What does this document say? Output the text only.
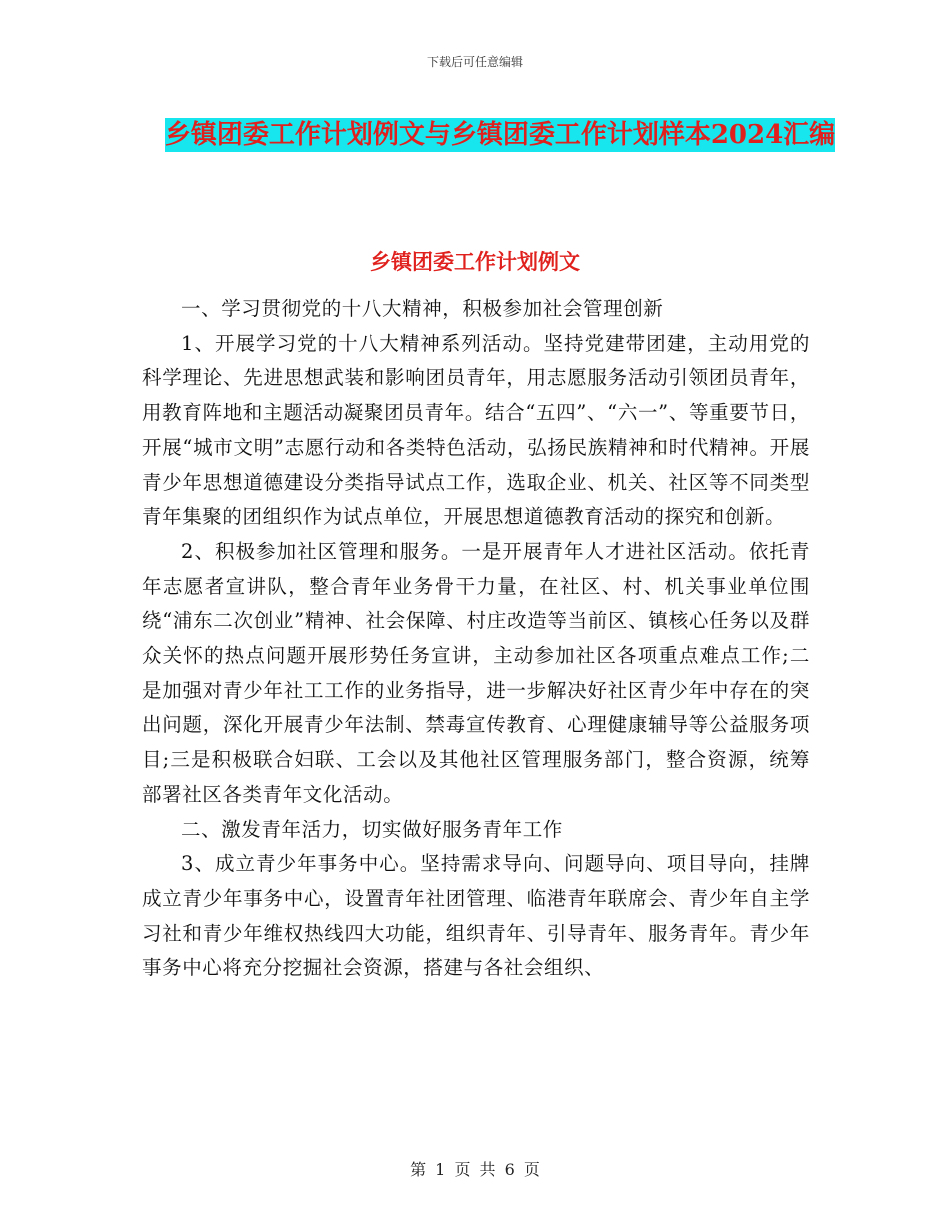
下载后可任意编辑
乡镇团委工作计划例文与乡镇团委工作计划样本2024汇编
乡镇团委工作计划例文

一、学习贯彻党的十八大精神，积极参加社会管理创新

1、开展学习党的十八大精神系列活动。坚持党建带团建，主动用党的科学理论、先进思想武装和影响团员青年，用志愿服务活动引领团员青年，用教育阵地和主题活动凝聚团员青年。结合“五四”、“六一”、等重要节日，开展“城市文明”志愿行动和各类特色活动，弘扬民族精神和时代精神。开展青少年思想道德建设分类指导试点工作，选取企业、机关、社区等不同类型青年集聚的团组织作为试点单位，开展思想道德教育活动的探究和创新。

2、积极参加社区管理和服务。一是开展青年人才进社区活动。依托青年志愿者宣讲队，整合青年业务骨干力量，在社区、村、机关事业单位围绕“浦东二次创业”精神、社会保障、村庄改造等当前区、镇核心任务以及群众关怀的热点问题开展形势任务宣讲，主动参加社区各项重点难点工作;二是加强对青少年社工工作的业务指导，进一步解决好社区青少年中存在的突出问题，深化开展青少年法制、禁毒宣传教育、心理健康辅导等公益服务项目;三是积极联合妇联、工会以及其他社区管理服务部门，整合资源，统筹部署社区各类青年文化活动。

二、激发青年活力，切实做好服务青年工作

3、成立青少年事务中心。坚持需求导向、问题导向、项目导向，挂牌成立青少年事务中心，设置青年社团管理、临港青年联席会、青少年自主学习社和青少年维权热线四大功能，组织青年、引导青年、服务青年。青少年事务中心将充分挖掘社会资源，搭建与各社会组织、

第 1 页 共 6 页
